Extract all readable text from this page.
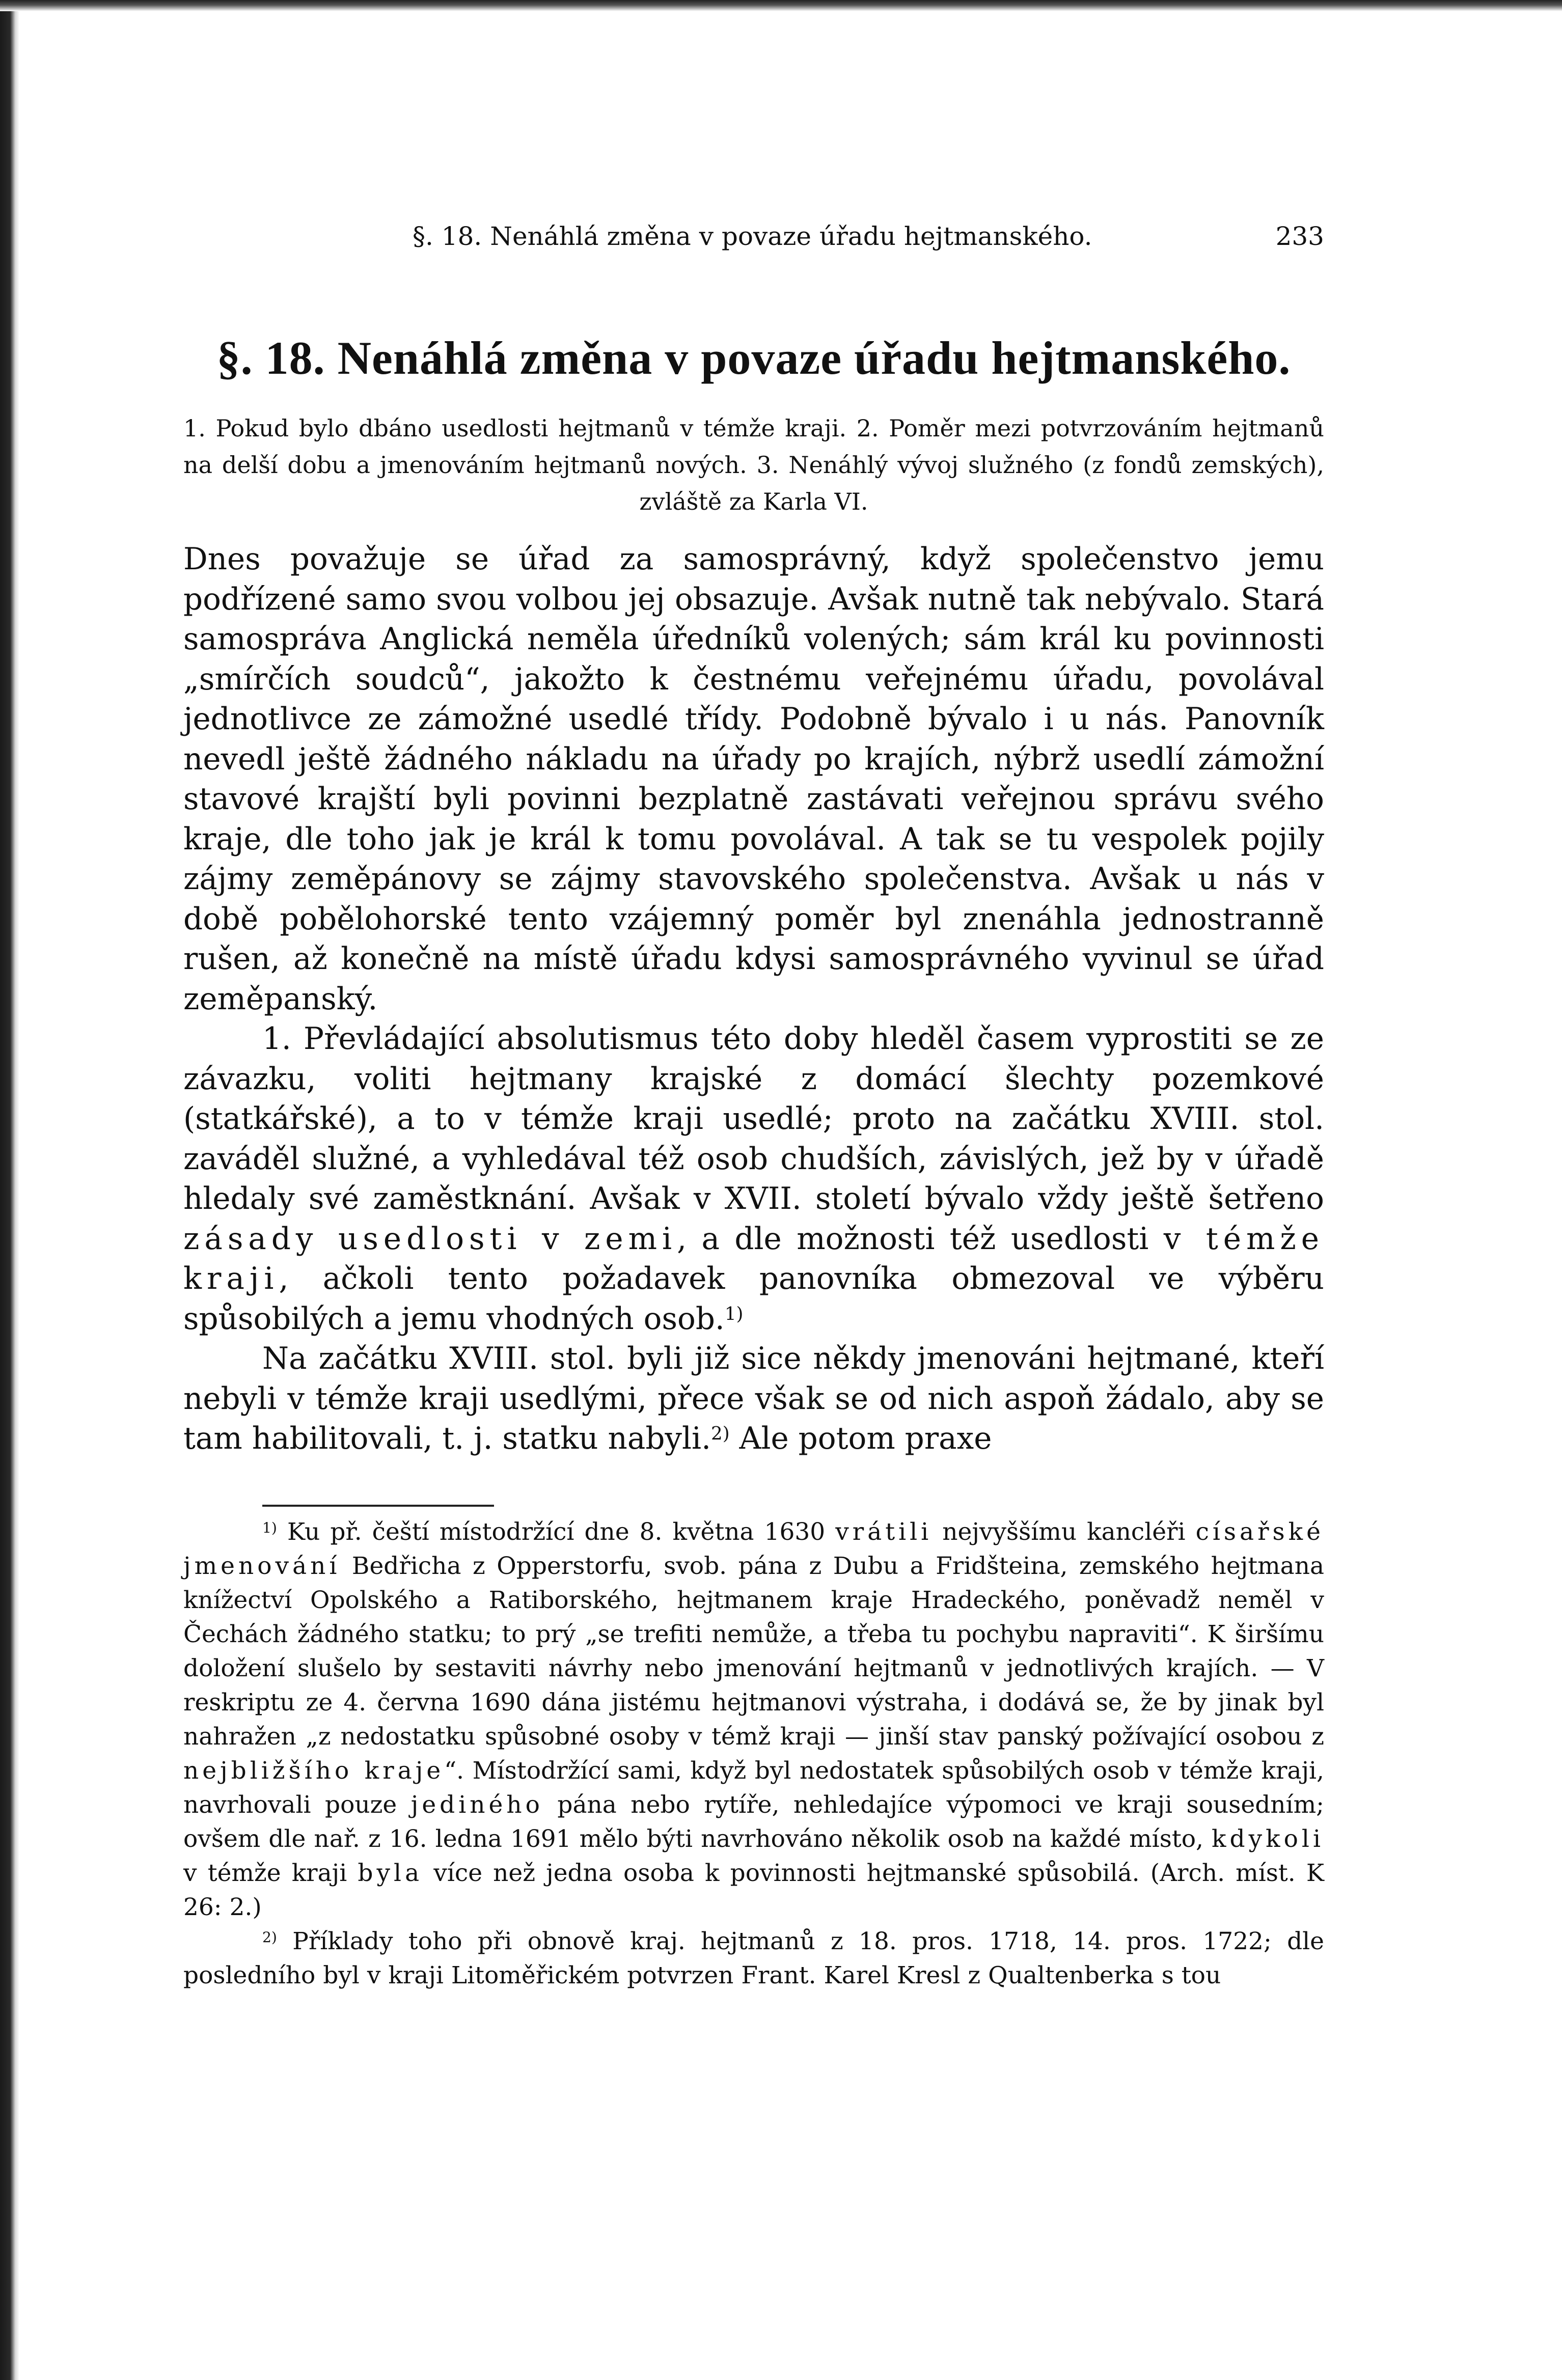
§. 18. Nenáhlá změna v povaze úřadu hejtmanského.	233
§. 18. Nenáhlá změna v povaze úřadu hejtmanského.
1. Pokud bylo dbáno usedlosti hejtmanů v témže kraji. 2. Poměr mezi potvrzováním hejtmanů na delší dobu a jmenováním hejtmanů nových. 3. Nenáhlý vývoj služného (z fondů zemských), zvláště za Karla VI.

Dnes považuje se úřad za samosprávný, když společenstvo jemu podřízené samo svou volbou jej obsazuje. Avšak nutně tak nebývalo. Stará samospráva Anglická neměla úředníků volených; sám král ku povinnosti „smírčích soudců“, jakožto k čestnému veřejnému úřadu, povolával jednotlivce ze zámožné usedlé třídy. Podobně bývalo i u nás. Panovník nevedl ještě žádného nákladu na úřady po krajích, nýbrž usedlí zámožní stavové krajští byli povinni bezplatně zastávati veřejnou správu svého kraje, dle toho jak je král k tomu povolával. A tak se tu vespolek pojily zájmy zeměpánovy se zájmy stavovského společenstva. Avšak u nás v době pobělohorské tento vzájemný poměr byl znenáhla jednostranně rušen, až konečně na místě úřadu kdysi samosprávného vyvinul se úřad zeměpanský.

1. Převládající absolutismus této doby hleděl časem vyprostiti se ze závazku, voliti hejtmany krajské z domácí šlechty pozemkové (statkářské), a to v témže kraji usedlé; proto na začátku XVIII. stol. zaváděl služné, a vyhledával též osob chudších, závislých, jež by v úřadě hledaly své zaměstknání. Avšak v XVII. století bývalo vždy ještě šetřeno zásady usedlosti v zemi, a dle možnosti též usedlosti v témže kraji, ačkoli tento požadavek panovníka obmezoval ve výběru spůsobilých a jemu vhodných osob.$^{1)}$

Na začátku XVIII. stol. byli již sice někdy jmenováni hejtmané, kteří nebyli v témže kraji usedlými, přece však se od nich aspoň žádalo, aby se tam habilitovali, t. j. statku nabyli.$^{2)}$ Ale potom praxe

$^{1)}$ Ku př. čeští místodržící dne 8. května 1630 vrátili nejvyššímu kancléři císařské jmenování Bedřicha z Opperstorfu, svob. pána z Dubu a Fridšteina, zemského hejtmana knížectví Opolského a Ratiborského, hejtmanem kraje Hradeckého, poněvadž neměl v Čechách žádného statku; to prý „se trefiti nemůže, a třeba tu pochybu napraviti“. K širšímu doložení slušelo by sestaviti návrhy nebo jmenování hejtmanů v jednotlivých krajích. — V reskriptu ze 4. června 1690 dána jistému hejtmanovi výstraha, i dodává se, že by jinak byl nahražen „z nedostatku spůsobné osoby v témž kraji — jinší stav panský požívající osobou z nejbližšího kraje“. Místodržící sami, když byl nedostatek spůsobilých osob v témže kraji, navrhovali pouze jediného pána nebo rytíře, nehledajíce výpomoci ve kraji sousedním; ovšem dle nař. z 16. ledna 1691 mělo býti navrhováno několik osob na každé místo, kdykoli v témže kraji byla více než jedna osoba k povinnosti hejtmanské spůsobilá. (Arch. míst. K 26: 2.)

$^{2)}$ Příklady toho při obnově kraj. hejtmanů z 18. pros. 1718, 14. pros. 1722; dle posledního byl v kraji Litoměřickém potvrzen Frant. Karel Kresl z Qualtenberka s tou
